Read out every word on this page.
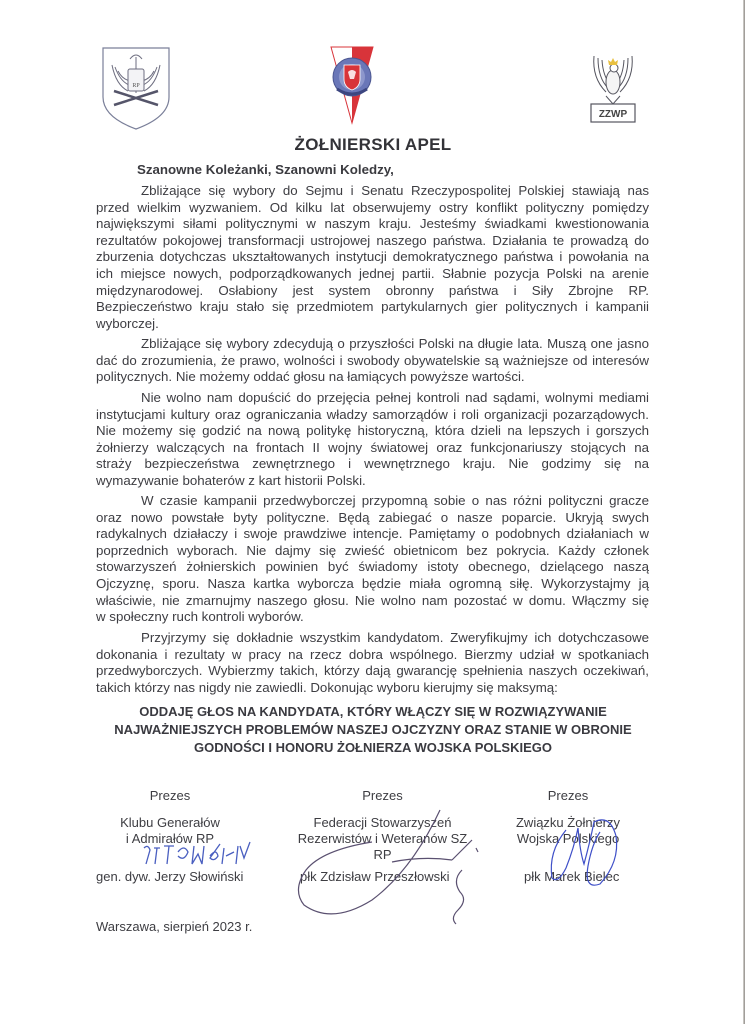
RP
ZZWP
ŻOŁNIERSKI APEL
Szanowne Koleżanki, Szanowni Koledzy,
Zbliżające się wybory do Sejmu i Senatu Rzeczypospolitej Polskiej stawiają nas
przed wielkim wyzwaniem. Od kilku lat obserwujemy ostry konflikt polityczny pomiędzy
największymi siłami politycznymi w naszym kraju. Jesteśmy świadkami kwestionowania
rezultatów pokojowej transformacji ustrojowej naszego państwa. Działania te prowadzą do
zburzenia dotychczas ukształtowanych instytucji demokratycznego państwa i powołania na
ich miejsce nowych, podporządkowanych jednej partii. Słabnie pozycja Polski na arenie
międzynarodowej. Osłabiony jest system obronny państwa i Siły Zbrojne RP.
Bezpieczeństwo kraju stało się przedmiotem partykularnych gier politycznych i kampanii
wyborczej.
Zbliżające się wybory zdecydują o przyszłości Polski na długie lata. Muszą one jasno
dać do zrozumienia, że prawo, wolności i swobody obywatelskie są ważniejsze od interesów
politycznych. Nie możemy oddać głosu na łamiących powyższe wartości.
Nie wolno nam dopuścić do przejęcia pełnej kontroli nad sądami, wolnymi mediami
instytucjami kultury oraz ograniczania władzy samorządów i roli organizacji pozarządowych.
Nie możemy się godzić na nową politykę historyczną, która dzieli na lepszych i gorszych
żołnierzy walczących na frontach II wojny światowej oraz funkcjonariuszy stojących na
straży bezpieczeństwa zewnętrznego i wewnętrznego kraju. Nie godzimy się na
wymazywanie bohaterów z kart historii Polski.
W czasie kampanii przedwyborczej przypomną sobie o nas różni polityczni gracze
oraz nowo powstałe byty polityczne. Będą zabiegać o nasze poparcie. Ukryją swych
radykalnych działaczy i swoje prawdziwe intencje. Pamiętamy o podobnych działaniach w
poprzednich wyborach. Nie dajmy się zwieść obietnicom bez pokrycia. Każdy członek
stowarzyszeń żołnierskich powinien być świadomy istoty obecnego, dzielącego naszą
Ojczyznę, sporu. Nasza kartka wyborcza będzie miała ogromną siłę. Wykorzystajmy ją
właściwie, nie zmarnujmy naszego głosu. Nie wolno nam pozostać w domu. Włączmy się
w społeczny ruch kontroli wyborów.
Przyjrzymy się dokładnie wszystkim kandydatom. Zweryfikujmy ich dotychczasowe
dokonania i rezultaty w pracy na rzecz dobra wspólnego. Bierzmy udział w spotkaniach
przedwyborczych. Wybierzmy takich, którzy dają gwarancję spełnienia naszych oczekiwań,
takich którzy nas nigdy nie zawiedli. Dokonując wyboru kierujmy się maksymą:
ODDAJĘ GŁOS NA KANDYDATA, KTÓRY WŁĄCZY SIĘ W ROZWIĄZYWANIE
NAJWAŻNIEJSZYCH PROBLEMÓW NASZEJ OJCZYZNY ORAZ STANIE W OBRONIE
GODNOŚCI I HONORU ŻOŁNIERZA WOJSKA POLSKIEGO
Prezes
Klubu Generałów
i Admirałów RP
gen. dyw. Jerzy Słowiński
Prezes
Federacji Stowarzyszeń
Rezerwistów i Weteranów SZ RP
płk Zdzisław Przeszłowski
Prezes
Związku Żołnierzy
Wojska Polskiego
płk Marek Bielec
Warszawa, sierpień 2023 r.
